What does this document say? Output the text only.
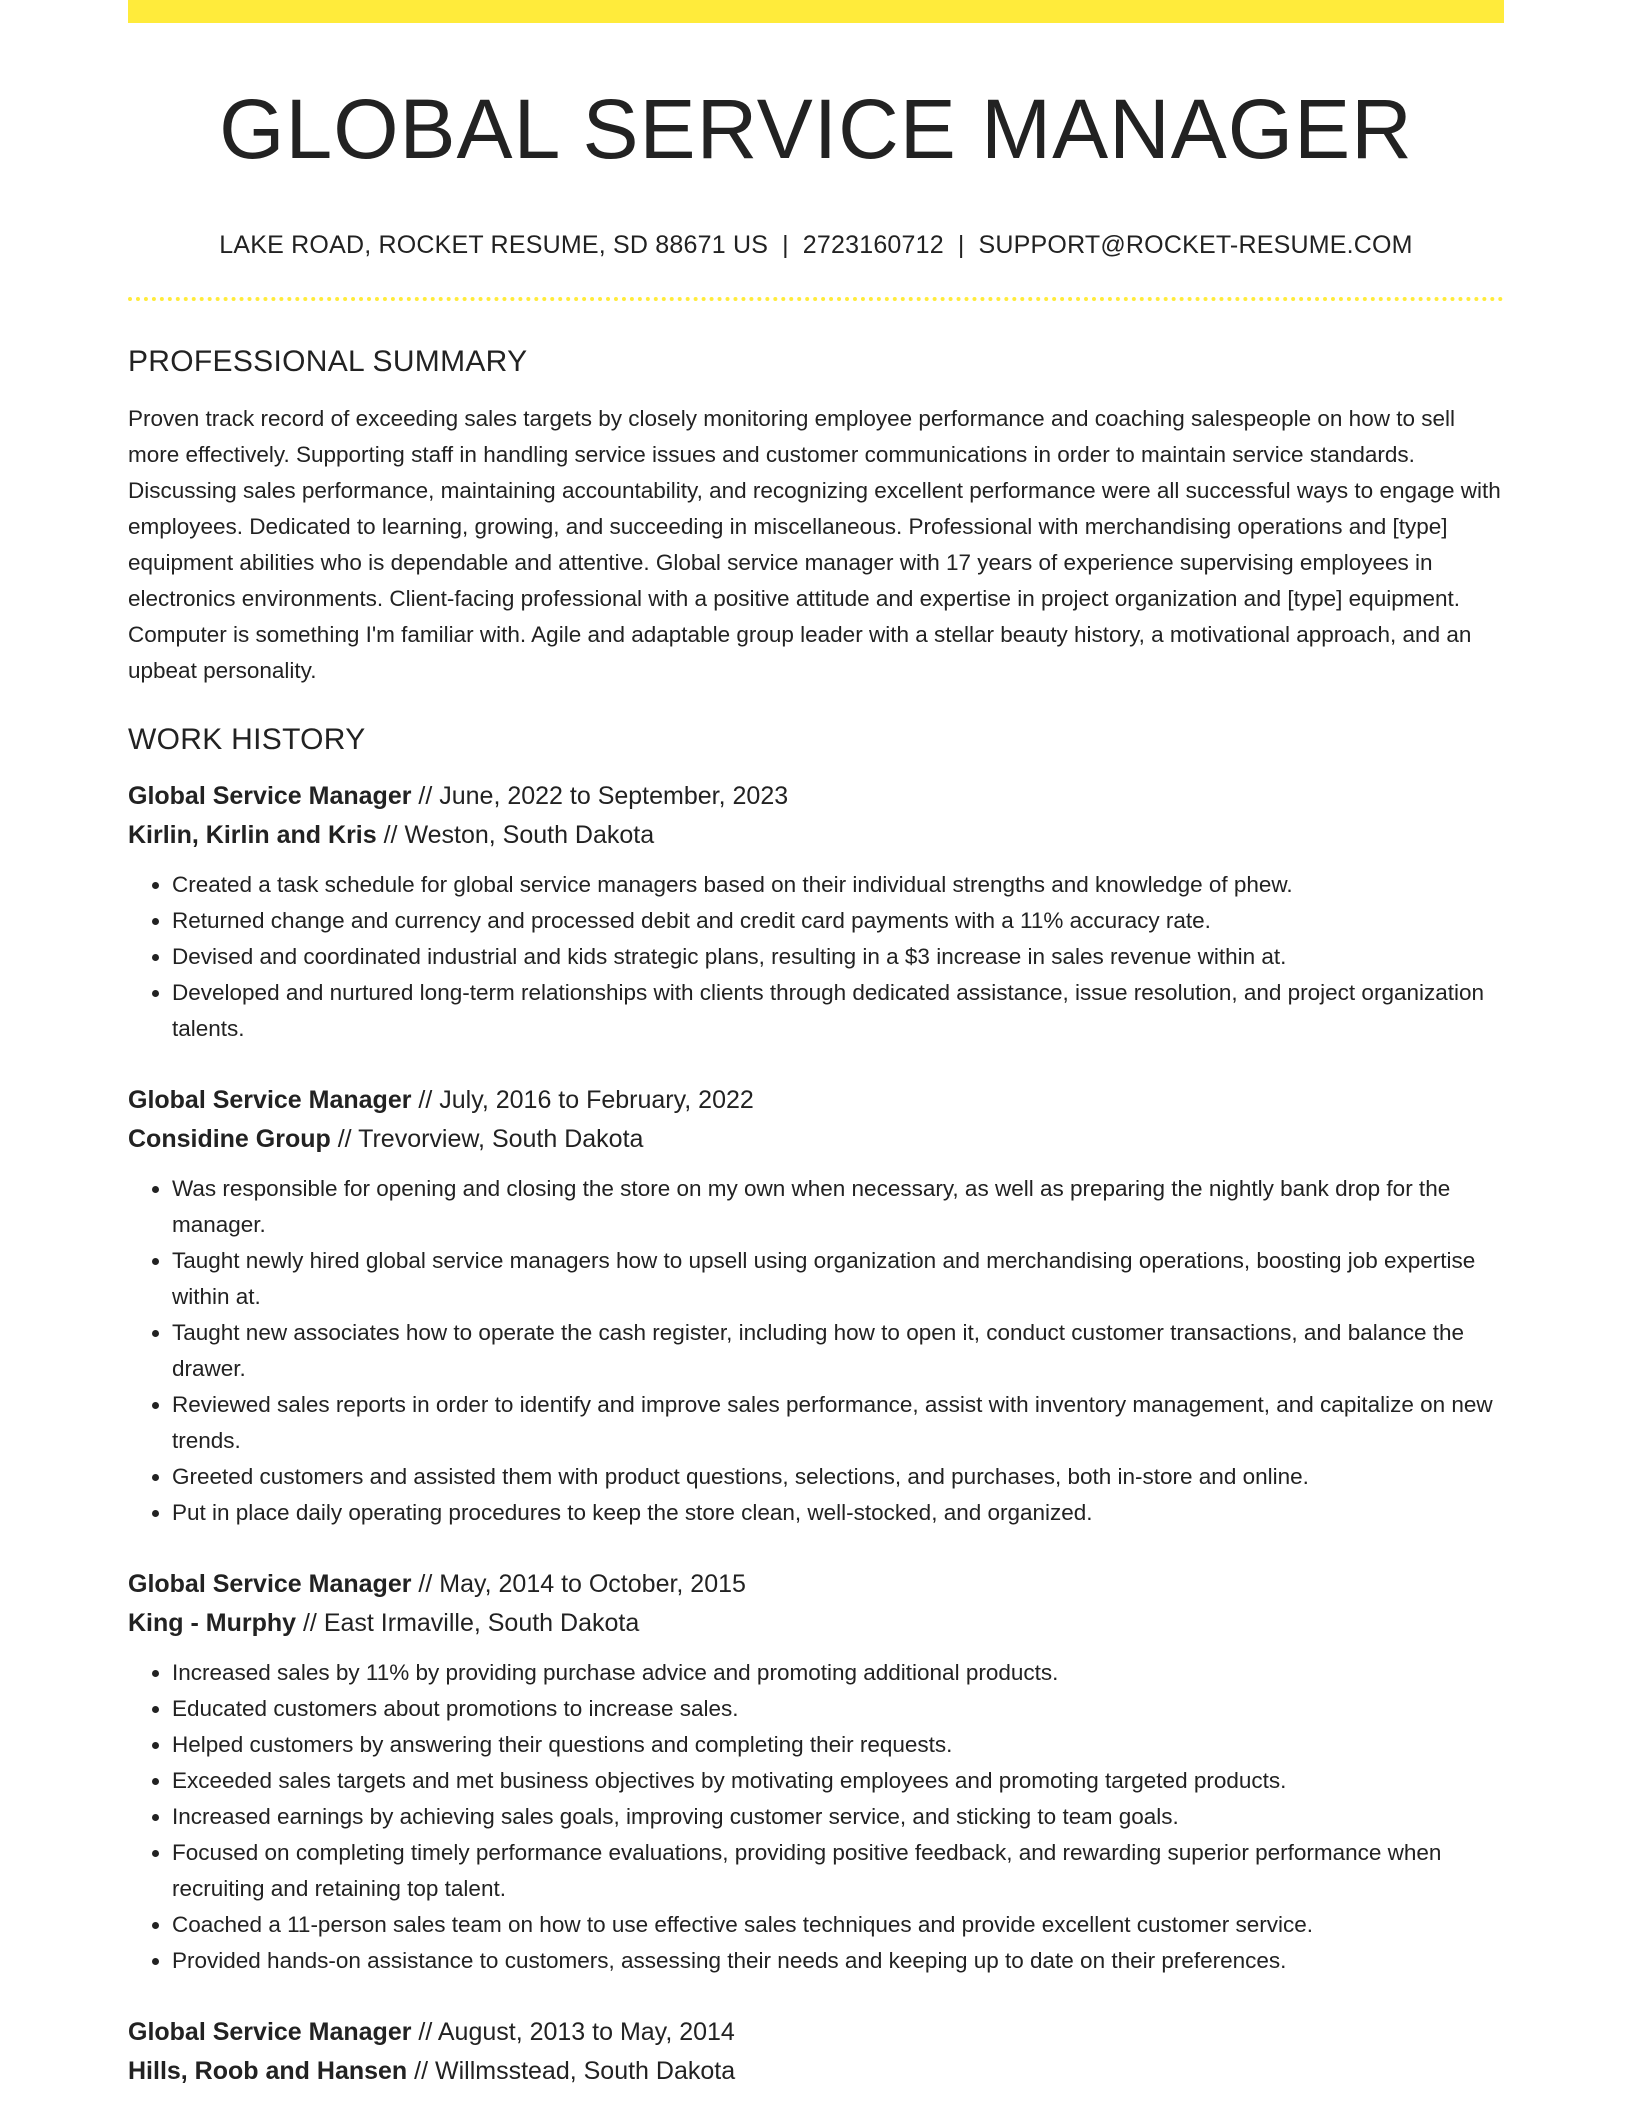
GLOBAL SERVICE MANAGER
LAKE ROAD, ROCKET RESUME, SD 88671 US | 2723160712 | SUPPORT@ROCKET-RESUME.COM
PROFESSIONAL SUMMARY

Proven track record of exceeding sales targets by closely monitoring employee performance and coaching salespeople on how to sell more effectively. Supporting staff in handling service issues and customer communications in order to maintain service standards. Discussing sales performance, maintaining accountability, and recognizing excellent performance were all successful ways to engage with employees. Dedicated to learning, growing, and succeeding in miscellaneous. Professional with merchandising operations and [type] equipment abilities who is dependable and attentive. Global service manager with 17 years of experience supervising employees in electronics environments. Client-facing professional with a positive attitude and expertise in project organization and [type] equipment. Computer is something I'm familiar with. Agile and adaptable group leader with a stellar beauty history, a motivational approach, and an upbeat personality.

WORK HISTORY
Global Service Manager // June, 2022 to September, 2023
Kirlin, Kirlin and Kris // Weston, South Dakota
• Created a task schedule for global service managers based on their individual strengths and knowledge of phew.
• Returned change and currency and processed debit and credit card payments with a 11% accuracy rate.
• Devised and coordinated industrial and kids strategic plans, resulting in a $3 increase in sales revenue within at.
• Developed and nurtured long-term relationships with clients through dedicated assistance, issue resolution, and project organization talents.
Global Service Manager // July, 2016 to February, 2022
Considine Group // Trevorview, South Dakota
• Was responsible for opening and closing the store on my own when necessary, as well as preparing the nightly bank drop for the manager.
• Taught newly hired global service managers how to upsell using organization and merchandising operations, boosting job expertise within at.
• Taught new associates how to operate the cash register, including how to open it, conduct customer transactions, and balance the drawer.
• Reviewed sales reports in order to identify and improve sales performance, assist with inventory management, and capitalize on new trends.
• Greeted customers and assisted them with product questions, selections, and purchases, both in-store and online.
• Put in place daily operating procedures to keep the store clean, well-stocked, and organized.
Global Service Manager // May, 2014 to October, 2015
King - Murphy // East Irmaville, South Dakota
• Increased sales by 11% by providing purchase advice and promoting additional products.
• Educated customers about promotions to increase sales.
• Helped customers by answering their questions and completing their requests.
• Exceeded sales targets and met business objectives by motivating employees and promoting targeted products.
• Increased earnings by achieving sales goals, improving customer service, and sticking to team goals.
• Focused on completing timely performance evaluations, providing positive feedback, and rewarding superior performance when recruiting and retaining top talent.
• Coached a 11-person sales team on how to use effective sales techniques and provide excellent customer service.
• Provided hands-on assistance to customers, assessing their needs and keeping up to date on their preferences.
Global Service Manager // August, 2013 to May, 2014
Hills, Roob and Hansen // Willmsstead, South Dakota
